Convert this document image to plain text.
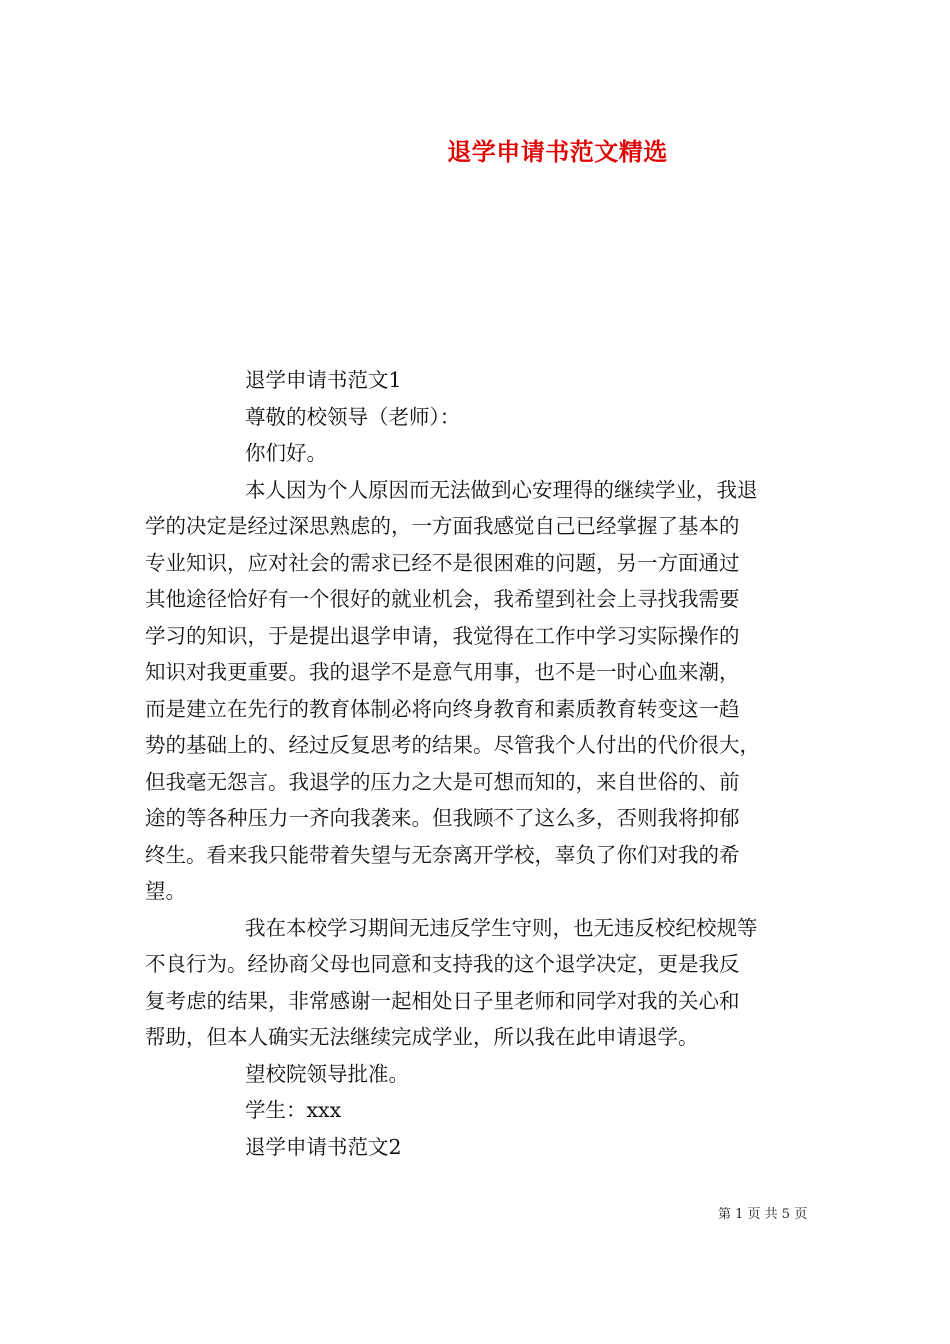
退学申请书范文精选
退学申请书范文1
尊敬的校领导（老师）：
你们好。
本人因为个人原因而无法做到心安理得的继续学业，我退
学的决定是经过深思熟虑的，一方面我感觉自己已经掌握了基本的
专业知识，应对社会的需求已经不是很困难的问题，另一方面通过
其他途径恰好有一个很好的就业机会，我希望到社会上寻找我需要
学习的知识，于是提出退学申请，我觉得在工作中学习实际操作的
知识对我更重要。我的退学不是意气用事，也不是一时心血来潮，
而是建立在先行的教育体制必将向终身教育和素质教育转变这一趋
势的基础上的、经过反复思考的结果。尽管我个人付出的代价很大，
但我毫无怨言。我退学的压力之大是可想而知的，来自世俗的、前
途的等各种压力一齐向我袭来。但我顾不了这么多，否则我将抑郁
终生。看来我只能带着失望与无奈离开学校，辜负了你们对我的希
望。
我在本校学习期间无违反学生守则，也无违反校纪校规等
不良行为。经协商父母也同意和支持我的这个退学决定，更是我反
复考虑的结果，非常感谢一起相处日子里老师和同学对我的关心和
帮助，但本人确实无法继续完成学业，所以我在此申请退学。
望校院领导批准。
学生：xxx
退学申请书范文2
第 1 页 共 5 页
